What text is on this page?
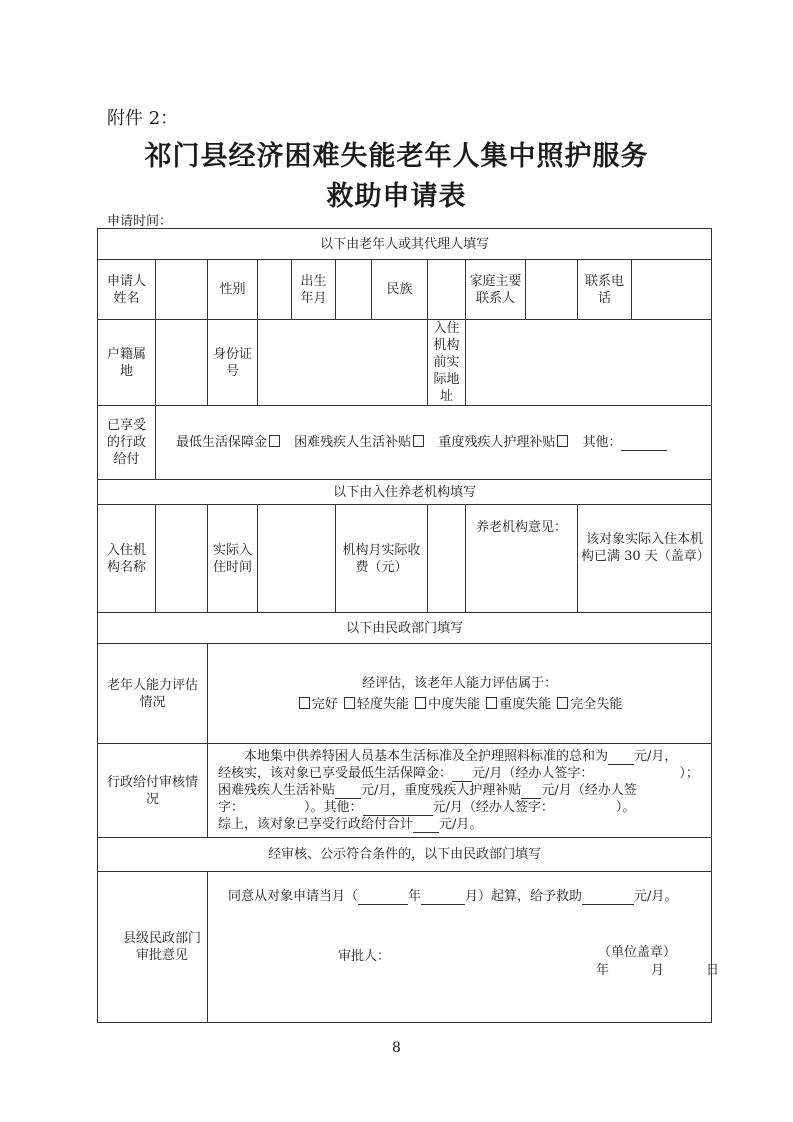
附件 2：
祁门县经济困难失能老年人集中照护服务
救助申请表
申请时间：
以下由老年人或其代理人填写											
申请人姓名		性别		出生年月		民族		家庭主要联系人		联系电话	
户籍属地		身份证号					入住机构前实际地址				
已享受的行政给付	最低生活保障金 困难残疾人生活补贴 重度残疾人护理补贴 其他：										
以下由入住养老机构填写											
入住机构名称		实际入住时间			机构月实际收费（元）			养老机构意见：		该对象实际入住本机构已满 30 天（盖章）	
以下由民政部门填写											
老年人能力评估情况		经评估，该老年人能力评估属于：
完好 轻度失能 中度失能 重度失能 完全失能									

行政给付审核情况		本地集中供养特困人员基本生活标准及全护理照料标准的总和为 元/月，
经核实，该对象已享受最低生活保障金： 元/月（经办人签字： ）；
困难残疾人生活补贴 元/月，重度残疾人护理补贴 元/月（经办人签
字： ）。其他： 元/月（经办人签字： ）。
综上，该对象已享受行政给付合计 元/月。									

经审核、公示符合条件的，以下由民政部门填写											
县级民政部门审批意见		同意从对象申请当月（ 年 月）起算，给予救助 元/月。
审批人： （单位盖章）
年 月 日									
8
